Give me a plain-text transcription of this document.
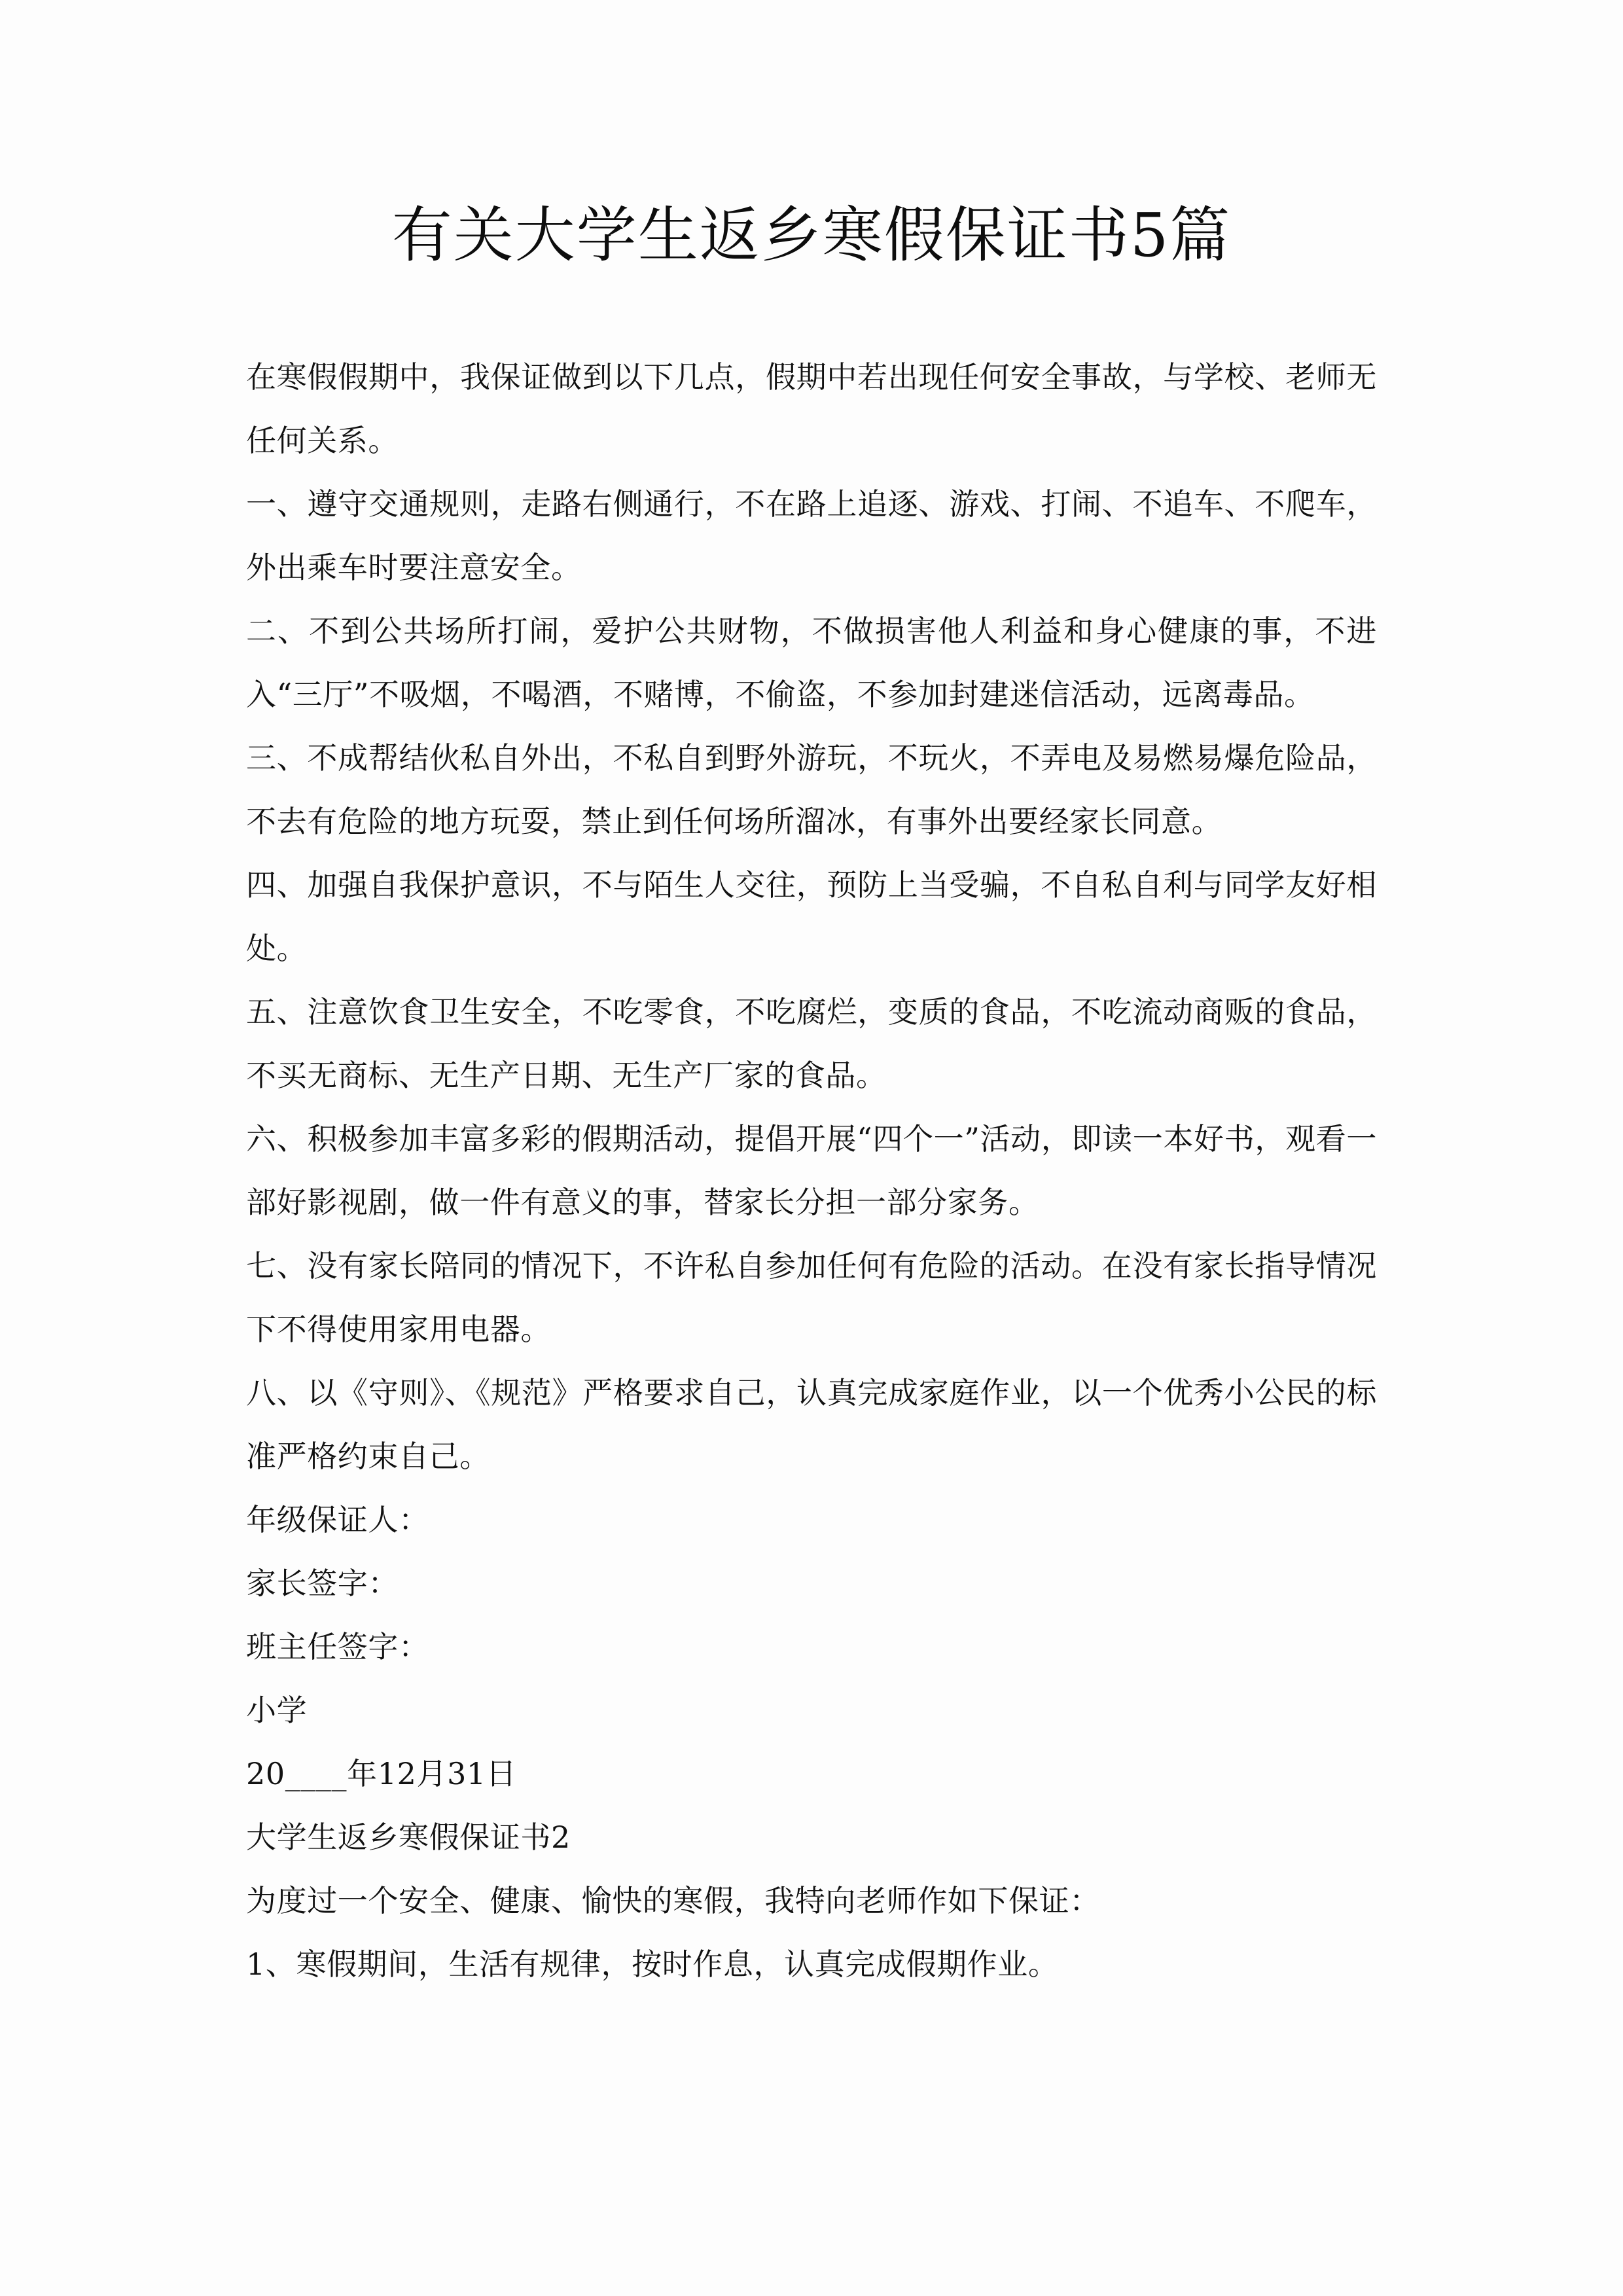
有关大学生返乡寒假保证书5篇

在寒假假期中，我保证做到以下几点，假期中若出现任何安全事故，与学校、老师无任何关系。

一、遵守交通规则，走路右侧通行，不在路上追逐、游戏、打闹、不追车、不爬车，外出乘车时要注意安全。

二、不到公共场所打闹，爱护公共财物，不做损害他人利益和身心健康的事，不进入“三厅”不吸烟，不喝酒，不赌博，不偷盗，不参加封建迷信活动，远离毒品。

三、不成帮结伙私自外出，不私自到野外游玩，不玩火，不弄电及易燃易爆危险品，不去有危险的地方玩耍，禁止到任何场所溜冰，有事外出要经家长同意。

四、加强自我保护意识，不与陌生人交往，预防上当受骗，不自私自利与同学友好相处。

五、注意饮食卫生安全，不吃零食，不吃腐烂，变质的食品，不吃流动商贩的食品，不买无商标、无生产日期、无生产厂家的食品。

六、积极参加丰富多彩的假期活动，提倡开展“四个一”活动，即读一本好书，观看一部好影视剧，做一件有意义的事，替家长分担一部分家务。

七、没有家长陪同的情况下，不许私自参加任何有危险的活动。在没有家长指导情况下不得使用家用电器。

八、以《守则》、《规范》严格要求自己，认真完成家庭作业，以一个优秀小公民的标准严格约束自己。

年级保证人：

家长签字：

班主任签字：

小学

20____年12月31日

大学生返乡寒假保证书2

为度过一个安全、健康、愉快的寒假，我特向老师作如下保证：

1、寒假期间，生活有规律，按时作息，认真完成假期作业。
